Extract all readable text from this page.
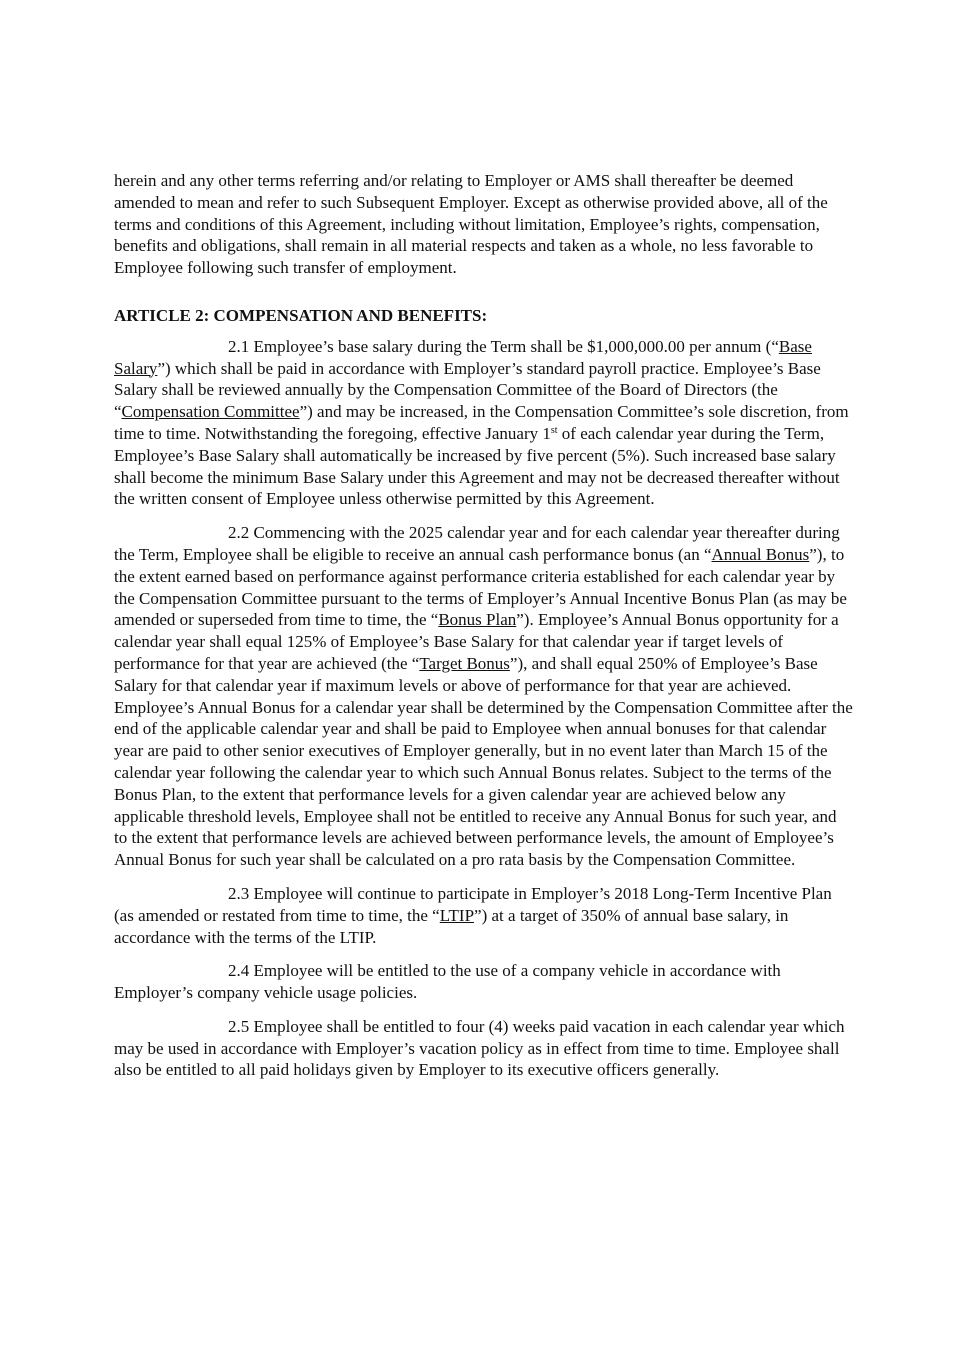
herein and any other terms referring and/or relating to Employer or AMS shall thereafter be deemed amended to mean and refer to such Subsequent Employer. Except as otherwise provided above, all of the terms and conditions of this Agreement, including without limitation, Employee’s rights, compensation, benefits and obligations, shall remain in all material respects and taken as a whole, no less favorable to Employee following such transfer of employment.

ARTICLE 2: COMPENSATION AND BENEFITS:

2.1 Employee’s base salary during the Term shall be $1,000,000.00 per annum (“Base Salary”) which shall be paid in accordance with Employer’s standard payroll practice. Employee’s Base Salary shall be reviewed annually by the Compensation Committee of the Board of Directors (the “Compensation Committee”) and may be increased, in the Compensation Committee’s sole discretion, from time to time. Notwithstanding the foregoing, effective January 1st of each calendar year during the Term, Employee’s Base Salary shall automatically be increased by five percent (5%). Such increased base salary shall become the minimum Base Salary under this Agreement and may not be decreased thereafter without the written consent of Employee unless otherwise permitted by this Agreement.

2.2 Commencing with the 2025 calendar year and for each calendar year thereafter during the Term, Employee shall be eligible to receive an annual cash performance bonus (an “Annual Bonus”), to the extent earned based on performance against performance criteria established for each calendar year by the Compensation Committee pursuant to the terms of Employer’s Annual Incentive Bonus Plan (as may be amended or superseded from time to time, the “Bonus Plan”). Employee’s Annual Bonus opportunity for a calendar year shall equal 125% of Employee’s Base Salary for that calendar year if target levels of performance for that year are achieved (the “Target Bonus”), and shall equal 250% of Employee’s Base Salary for that calendar year if maximum levels or above of performance for that year are achieved. Employee’s Annual Bonus for a calendar year shall be determined by the Compensation Committee after the end of the applicable calendar year and shall be paid to Employee when annual bonuses for that calendar year are paid to other senior executives of Employer generally, but in no event later than March 15 of the calendar year following the calendar year to which such Annual Bonus relates. Subject to the terms of the Bonus Plan, to the extent that performance levels for a given calendar year are achieved below any applicable threshold levels, Employee shall not be entitled to receive any Annual Bonus for such year, and to the extent that performance levels are achieved between performance levels, the amount of Employee’s Annual Bonus for such year shall be calculated on a pro rata basis by the Compensation Committee.

2.3 Employee will continue to participate in Employer’s 2018 Long-Term Incentive Plan (as amended or restated from time to time, the “LTIP”) at a target of 350% of annual base salary, in accordance with the terms of the LTIP.

2.4 Employee will be entitled to the use of a company vehicle in accordance with Employer’s company vehicle usage policies.

2.5 Employee shall be entitled to four (4) weeks paid vacation in each calendar year which may be used in accordance with Employer’s vacation policy as in effect from time to time. Employee shall also be entitled to all paid holidays given by Employer to its executive officers generally.
